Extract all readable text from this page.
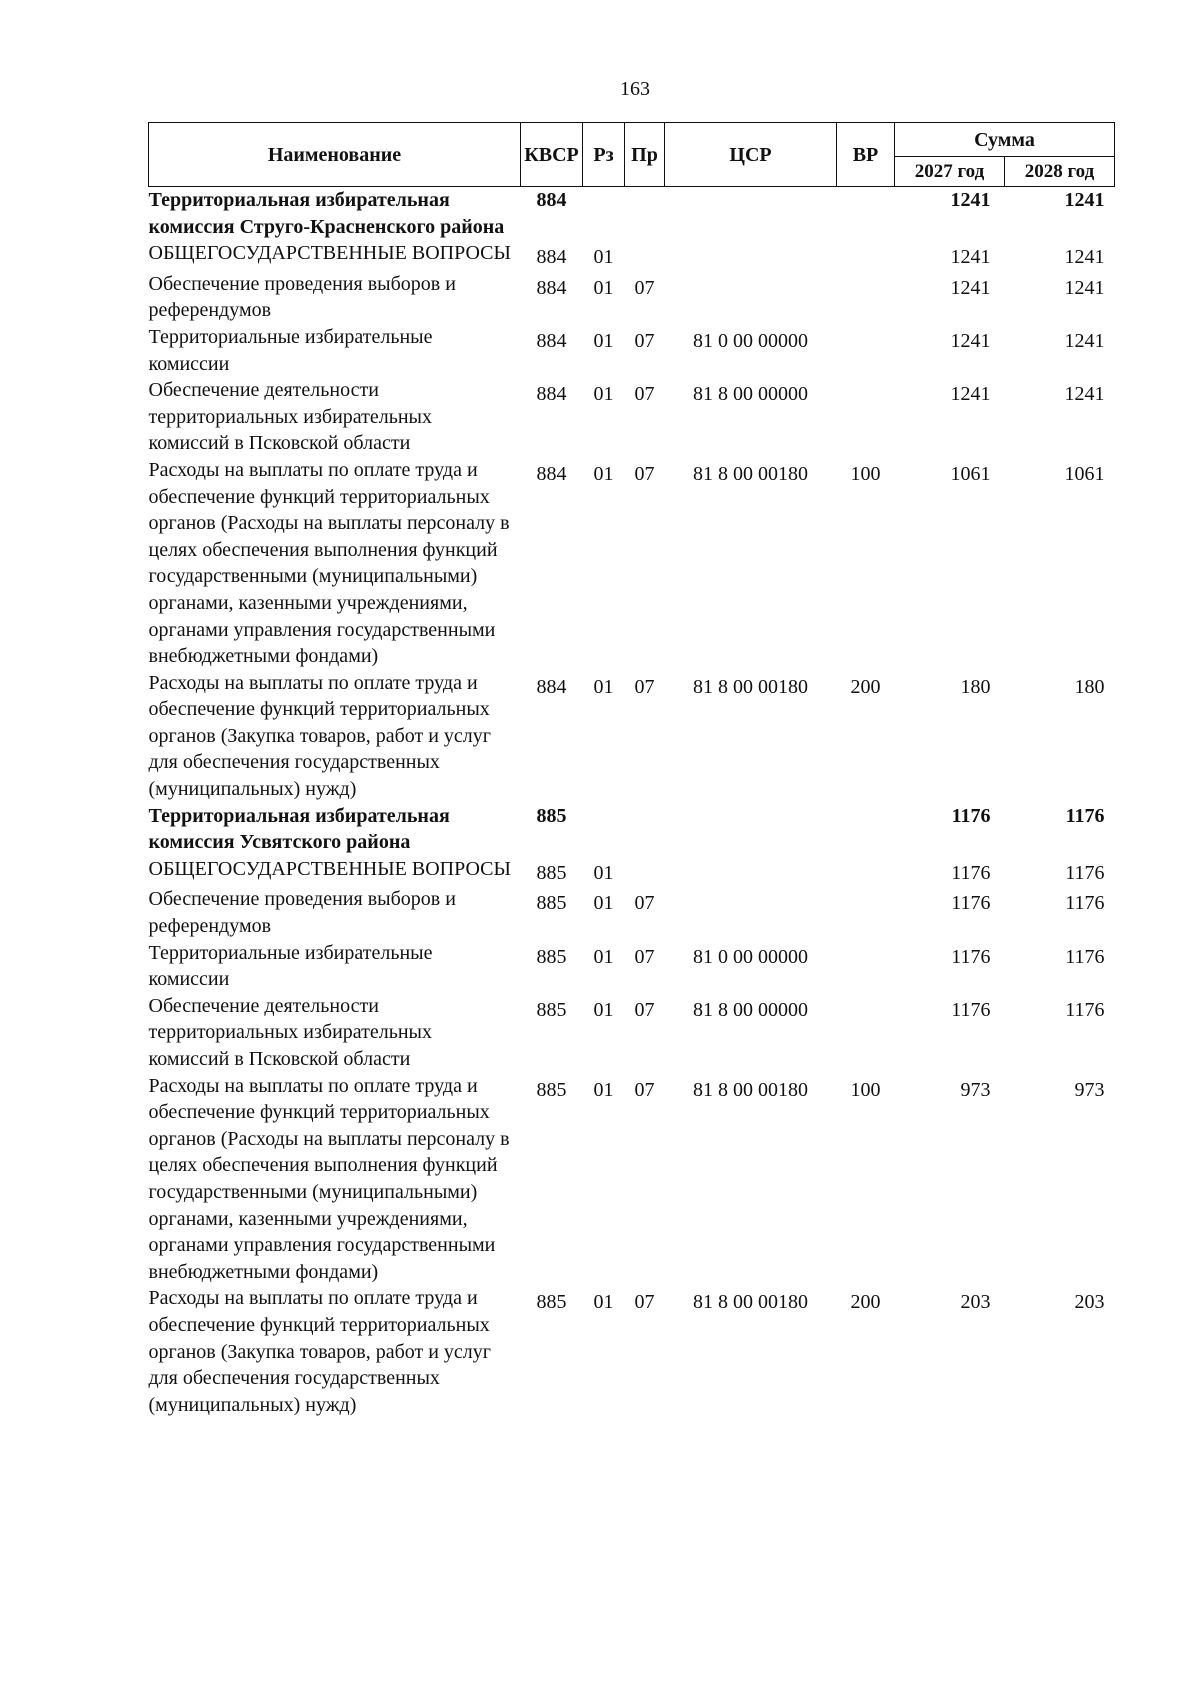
163
Наименование	КВСР	Рз	Пр	ЦСР	ВР	Сумма	
						2027 год	2028 год
Территориальная избирательная комиссия Струго-Красненского района	884					1241	1241
ОБЩЕГОСУДАРСТВЕННЫЕ ВОПРОСЫ	884	01				1241	1241
Обеспечение проведения выборов и референдумов	884	01	07			1241	1241
Территориальные избирательные комиссии	884	01	07	81 0 00 00000		1241	1241
Обеспечение деятельности территориальных избирательных комиссий в Псковской области	884	01	07	81 8 00 00000		1241	1241
Расходы на выплаты по оплате труда и обеспечение функций территориальных органов (Расходы на выплаты персоналу в целях обеспечения выполнения функций государственными (муниципальными) органами, казенными учреждениями, органами управления государственными внебюджетными фондами)	884	01	07	81 8 00 00180	100	1061	1061
Расходы на выплаты по оплате труда и обеспечение функций территориальных органов (Закупка товаров, работ и услуг для обеспечения государственных (муниципальных) нужд)	884	01	07	81 8 00 00180	200	180	180
Территориальная избирательная комиссия Усвятского района	885					1176	1176
ОБЩЕГОСУДАРСТВЕННЫЕ ВОПРОСЫ	885	01				1176	1176
Обеспечение проведения выборов и референдумов	885	01	07			1176	1176
Территориальные избирательные комиссии	885	01	07	81 0 00 00000		1176	1176
Обеспечение деятельности территориальных избирательных комиссий в Псковской области	885	01	07	81 8 00 00000		1176	1176
Расходы на выплаты по оплате труда и обеспечение функций территориальных органов (Расходы на выплаты персоналу в целях обеспечения выполнения функций государственными (муниципальными) органами, казенными учреждениями, органами управления государственными внебюджетными фондами)	885	01	07	81 8 00 00180	100	973	973
Расходы на выплаты по оплате труда и обеспечение функций территориальных органов (Закупка товаров, работ и услуг для обеспечения государственных (муниципальных) нужд)	885	01	07	81 8 00 00180	200	203	203
